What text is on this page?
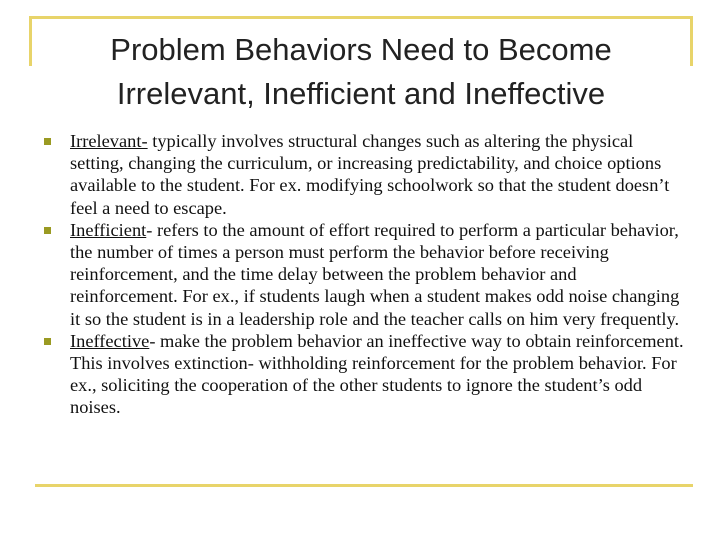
Problem Behaviors Need to Become
Irrelevant, Inefficient and Ineffective
Irrelevant- typically involves structural changes such as altering the physical setting, changing the curriculum, or increasing predictability, and choice options available to the student. For ex. modifying schoolwork so that the student doesn’t feel a need to escape.
Inefficient- refers to the amount of effort required to perform a particular behavior, the number of times a person must perform the behavior before receiving reinforcement, and the time delay between the problem behavior and reinforcement. For ex., if students laugh when a student makes odd noise changing it so the student is in a leadership role and the teacher calls on him very frequently.
Ineffective- make the problem behavior an ineffective way to obtain reinforcement. This involves extinction- withholding reinforcement for the problem behavior. For ex., soliciting the cooperation of the other students to ignore the student’s odd noises.
